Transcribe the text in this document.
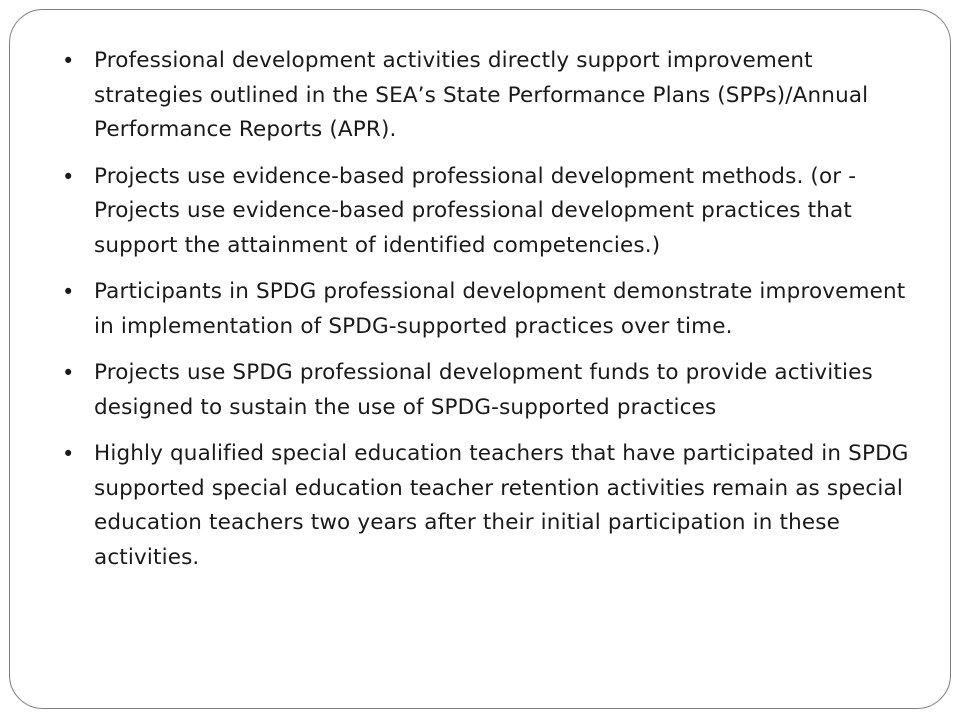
• Professional development activities directly support improvement strategies outlined in the SEA’s State Performance Plans (SPPs)/Annual Performance Reports (APR).
• Projects use evidence-based professional development methods. (or - Projects use evidence-based professional development practices that support the attainment of identified competencies.)
• Participants in SPDG professional development demonstrate improvement in implementation of SPDG-supported practices over time.
• Projects use SPDG professional development funds to provide activities designed to sustain the use of SPDG-supported practices
• Highly qualified special education teachers that have participated in SPDG supported special education teacher retention activities remain as special education teachers two years after their initial participation in these activities.
